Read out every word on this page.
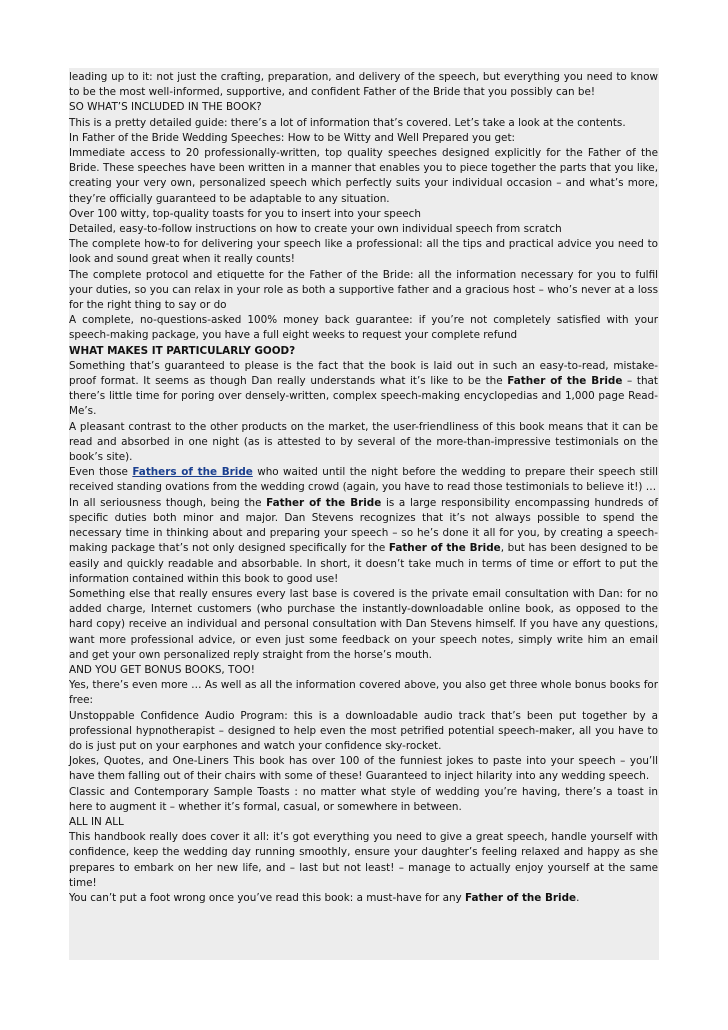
leading up to it: not just the crafting, preparation, and delivery of the speech, but everything you need to know to be the most well-informed, supportive, and confident Father of the Bride that you possibly can be!

SO WHAT’S INCLUDED IN THE BOOK?

This is a pretty detailed guide: there’s a lot of information that’s covered. Let’s take a look at the contents.

In Father of the Bride Wedding Speeches: How to be Witty and Well Prepared you get:

Immediate access to 20 professionally-written, top quality speeches designed explicitly for the Father of the Bride. These speeches have been written in a manner that enables you to piece together the parts that you like, creating your very own, personalized speech which perfectly suits your individual occasion – and what’s more, they’re officially guaranteed to be adaptable to any situation.

Over 100 witty, top-quality toasts for you to insert into your speech

Detailed, easy-to-follow instructions on how to create your own individual speech from scratch

The complete how-to for delivering your speech like a professional: all the tips and practical advice you need to look and sound great when it really counts!

The complete protocol and etiquette for the Father of the Bride: all the information necessary for you to fulfil your duties, so you can relax in your role as both a supportive father and a gracious host – who’s never at a loss for the right thing to say or do

A complete, no-questions-asked 100% money back guarantee: if you’re not completely satisfied with your speech-making package, you have a full eight weeks to request your complete refund

WHAT MAKES IT PARTICULARLY GOOD?

Something that’s guaranteed to please is the fact that the book is laid out in such an easy-to-read, mistake-proof format. It seems as though Dan really understands what it’s like to be the Father of the Bride – that there’s little time for poring over densely-written, complex speech-making encyclopedias and 1,000 page Read-Me’s.

A pleasant contrast to the other products on the market, the user-friendliness of this book means that it can be read and absorbed in one night (as is attested to by several of the more-than-impressive testimonials on the book’s site).

Even those Fathers of the Bride who waited until the night before the wedding to prepare their speech still received standing ovations from the wedding crowd (again, you have to read those testimonials to believe it!) …

In all seriousness though, being the Father of the Bride is a large responsibility encompassing hundreds of specific duties both minor and major. Dan Stevens recognizes that it’s not always possible to spend the necessary time in thinking about and preparing your speech – so he’s done it all for you, by creating a speech-making package that’s not only designed specifically for the Father of the Bride, but has been designed to be easily and quickly readable and absorbable. In short, it doesn’t take much in terms of time or effort to put the information contained within this book to good use!

Something else that really ensures every last base is covered is the private email consultation with Dan: for no added charge, Internet customers (who purchase the instantly-downloadable online book, as opposed to the hard copy) receive an individual and personal consultation with Dan Stevens himself. If you have any questions, want more professional advice, or even just some feedback on your speech notes, simply write him an email and get your own personalized reply straight from the horse’s mouth.

AND YOU GET BONUS BOOKS, TOO!

Yes, there’s even more … As well as all the information covered above, you also get three whole bonus books for free:

Unstoppable Confidence Audio Program: this is a downloadable audio track that’s been put together by a professional hypnotherapist – designed to help even the most petrified potential speech-maker, all you have to do is just put on your earphones and watch your confidence sky-rocket.

Jokes, Quotes, and One-Liners This book has over 100 of the funniest jokes to paste into your speech – you’ll have them falling out of their chairs with some of these! Guaranteed to inject hilarity into any wedding speech.

Classic and Contemporary Sample Toasts : no matter what style of wedding you’re having, there’s a toast in here to augment it – whether it’s formal, casual, or somewhere in between.

ALL IN ALL

This handbook really does cover it all: it’s got everything you need to give a great speech, handle yourself with confidence, keep the wedding day running smoothly, ensure your daughter’s feeling relaxed and happy as she prepares to embark on her new life, and – last but not least! – manage to actually enjoy yourself at the same time!

You can’t put a foot wrong once you’ve read this book: a must-have for any Father of the Bride.
